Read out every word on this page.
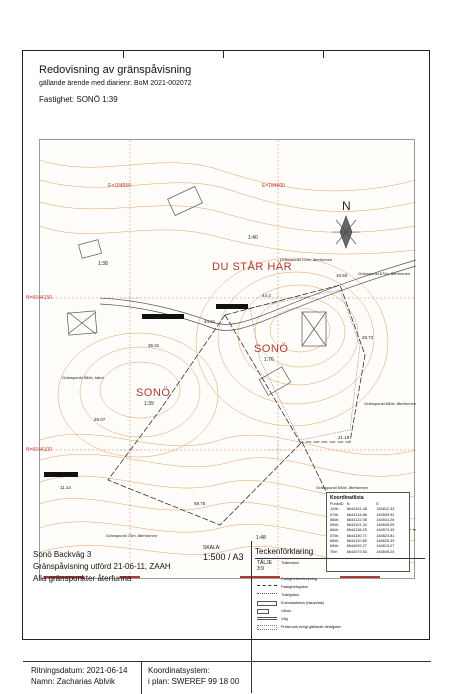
Redovisning av gränspåvisning
gällande ärende med diarienr: BoM 2021-002072
Fastighet: SONÖ 1:39
E=184550	E=184600
N=6644150
N=6644100
N
DU STÅR HÄR
SONÖ
1:39
SONÖ
1:76
1:38
1:40
1:48
Gränspunkt 12öb, återfunnen
Gränspunkt 67öb, återfunnen
Gränspunkt 58öb, känd
Gränspunkt 68öb, återfunnen
Gränspunkt 69öb, återfunnen
Gränspunkt 70m, återfunnen
44.4
44.21
35.31
10.50
28.72
29.07
21.19
11.14
69.75
Koordinatlista
PunktID N	E
12öb	6644161.48	184612.33
57öb	6644144.86	184599.92
58öb	6644122.08	184541.26
59öb	6644101.34	184526.09
66öb	6644136.25	184574.49
67öb	6644150.71	184624.81
68öb	6644120.89	184625.39
69öb	6644092.27	184613.07
70m	6644079.53	184545.24
Sonö Backväg 3
Gränspåvisning utförd 21-06-11, ZAAH
Alla gränspunkter återfunna
SKALA:
1:500 / A3
Teckenförklaring
TÄLJE
3:9
Traktnamn
Fastighetsbeteckning
Fastighetsgräns
Traktgräns
Enbostadshus (fasad/tak)
Uthus
Väg
Prickmark enligt gällande detaljplan
Ritningsdatum: 2021-06-14
Namn: Zacharias Ablvik
Koordinatsystem:
i plan: SWEREF 99 18 00
